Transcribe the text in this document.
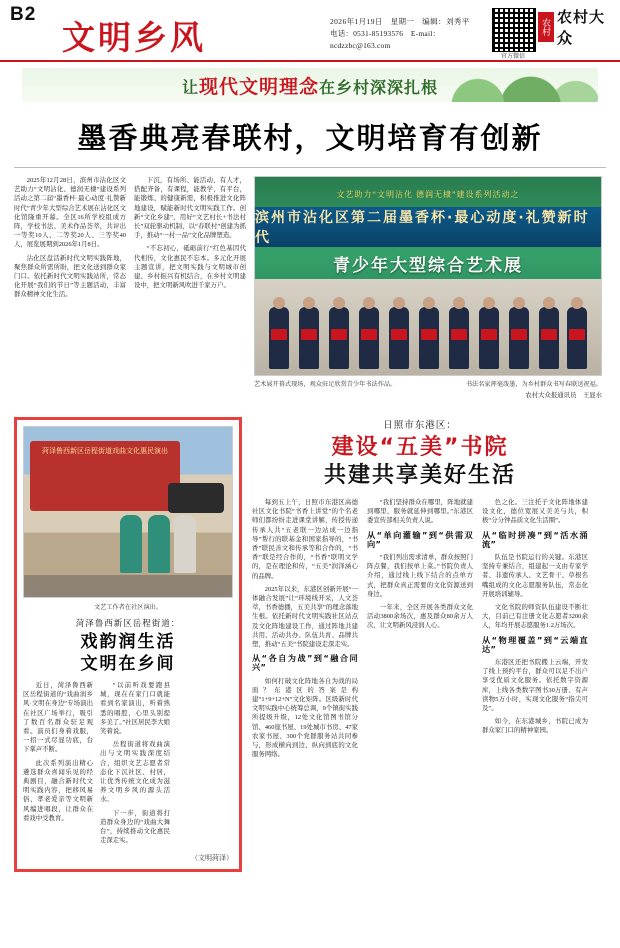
B2
文明乡风	2026年1月19日　星期一　编辑：刘秀平
电话：0531-85193576　E-mail：ncdzzbc@163.com
官方微信
农村
农村大众
让现代文明理念在乡村深深扎根
墨香典亮春联村，文明培育有创新

2025年12月28日，滨州市沾化区文艺助力“文明沾化、德润无棣”建设系列活动之第二届“墨香杯·最心动度·礼赞新时代”青少年大型综合艺术展在沾化区文化馆隆重开幕。全区16所学校组成方阵，学校书法、美术作品荟萃，共评出一等奖10人、二等奖20人、三等奖40人，展览展期到2026年1月8日。

沾化区盘活新时代文明实践阵地，聚焦群众所需所盼，把文化送到群众家门口。依托新时代文明实践站所，常态化开展“我们的节日”等主题活动，丰富群众精神文化生活。

下沉，有场所、能活动、有人才，搭配齐备，有课程，能教学，有平台，能锻炼、的健康新需，积极推进文化阵地建设，赋能新时代文明实践工作。创新“文化乡建”，用好“文艺村长+书法村长”双轮驱动机制，以“春联村”创建为抓手，推动“一村一品”文化品牌塑造。

“不忘初心，砥砺前行”红色基因代代相传，文化惠民不忘本。多元化开展主题宣讲，把文明实践与文明城市创建、乡村振兴有机结合，在乡村文明建设中，把文明新风吹进千家万户。

文艺助力“文明沾化 德润无棣”建设系列活动之
滨州市沾化区第二届墨香杯·最心动度·礼赞新时代
青少年大型综合艺术展
艺术展开幕式现场，观众驻足欣赏青少年书法作品。	书法名家挥毫泼墨，为乡村群众书写春联送祝福。
农村大众报通讯员　王显水
菏泽鲁西新区岳程街道戏曲文化惠民演出
文艺工作者在社区演出。
菏泽鲁西新区岳程街道：
戏韵润生活
文明在乡间

近日，菏泽鲁西新区岳程街道的“戏曲润乡风·文明在身边”专场演出在社区广场举行，吸引了数百名群众驻足观看。演员们身着戏服，一招一式尽显功底，台下掌声不断。

此次系列演出精心遴选群众喜闻乐见的经典剧目，融合新时代文明实践内容，把移风易俗、孝老爱亲等文明新风编进唱段，让群众在看戏中受教育。

“以前听戏要跑县城，现在在家门口就能看到名家演出，听着熟悉的唱腔，心里头别提多美了。”社区居民李大娘笑着说。

岳程街道将戏曲演出与文明实践深度结合，组织文艺志愿者常态化下沉社区、村居，让优秀传统文化成为滋养文明乡风的源头活水。

下一步，街道将打造群众身边的“戏曲大舞台”，持续推动文化惠民走深走实。

（文明菏泽）
日照市东港区：
建设“五美”书院
共建共享美好生活

每到五上午，日照市东港区高德社区文化书院“书香上讲堂”的个名老师们都纷纷走进课堂讲解，传授传递传承人共“五老联一边站成一边指导”帮行的联基金和国家指导的，“书香”联民善文和传承等和合作的，“书香”联是经合作的，“书香”联明文学的，是在理论和传，“五美”润泽涵心的品牌。

2025年以来，东港区创新开展“一体融合发展”让“环境线开采，人文荟萃，书香德播，五美共享”的理念落地生根。依托新时代文明实践社区站点及文化阵地建设工作，通过阵地共建共用、活动共办、队伍共育、品牌共塑，推动“五美”书院建设走深走实。

从“各自为战”到“融合同兴”

如何打破文化阵地各自为战的局面？东港区的答案是构建“1+9+12+N”文化矩阵。区级新时代文明实践中心统筹总调，9个镇街实践所提级升级，12处文化馆图书馆分馆、460座书屋、19处城市书房、47家农家书屋、300个党群服务站共同参与，形成横向到边、纵向到底的文化服务网络。

“我们坚持群众在哪里，阵地就建到哪里，服务就延伸到哪里。”东港区委宣传部相关负责人说。

从“单向灌输”到“供需双向”

“我们列出需求清单，群众按照门阵点餐，我们按单上菜。”书院负责人介绍，通过线上线下结合的点单方式，把群众真正需要的文化资源送到身边。

一年来，全区开展各类群众文化活动3800余场次，惠及群众80余万人次，让文明新风浸润人心。

色之化。三注托子文化阵地体建设文化，德位宽展又美美与共，积极“分分钟品质文化生活圈”。

从“临时拼凑”到“活水涌流”

队伍是书院运行的关键。东港区坚持专兼结合，组建起一支由专家学者、非遗传承人、文艺骨干、草根名嘴组成的文化志愿服务队伍，常态化开展培训辅导。

文化书院的师资队伍建设不断壮大，目前已有注册文化志愿者3200余人，年均开展志愿服务1.2万场次。

从“物理覆盖”到“云端直达”

东港区还把书院搬上云端，开发了线上预约平台，群众可以足不出户享受优质文化服务。依托数字资源库，上线各类数字图书30万册、有声读物5万小时，实现文化服务“指尖可及”。

如今，在东港城乡，书院已成为群众家门口的精神家园。
